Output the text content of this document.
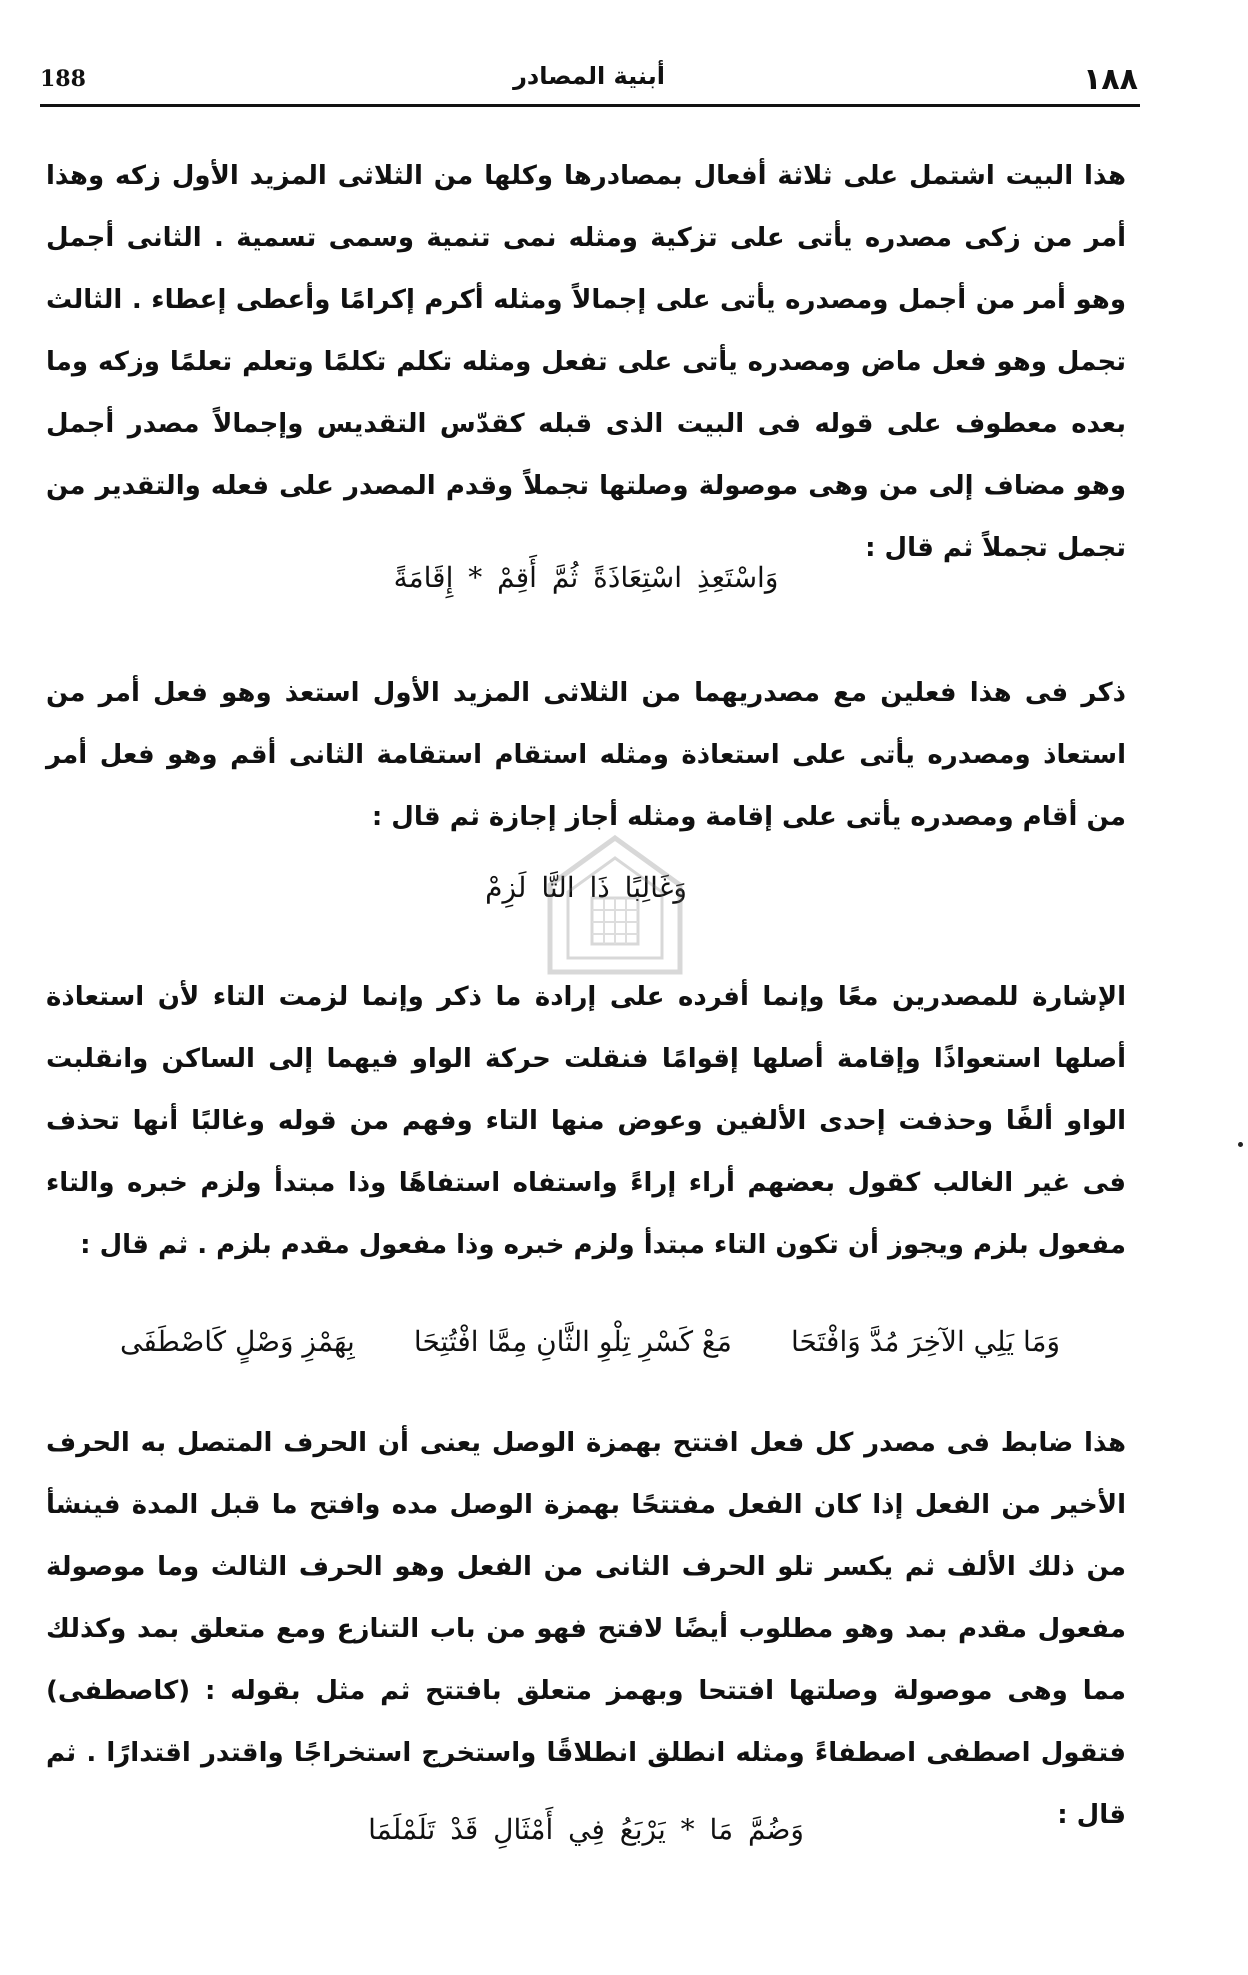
188	أبنية المصادر	١٨٨
هذا البيت اشتمل على ثلاثة أفعال بمصادرها وكلها من الثلاثى المزيد الأول زكه وهذا أمر من زكى مصدره يأتى على تزكية ومثله نمى تنمية وسمى تسمية . الثانى أجمل وهو أمر من أجمل ومصدره يأتى على إجمالاً ومثله أكرم إكرامًا وأعطى إعطاء . الثالث تجمل وهو فعل ماض ومصدره يأتى على تفعل ومثله تكلم تكلمًا وتعلم تعلمًا وزكه وما بعده معطوف على قوله فى البيت الذى قبله كقدّس التقديس وإجمالاً مصدر أجمل وهو مضاف إلى من وهى موصولة وصلتها تجملاً وقدم المصدر على فعله والتقدير من تجمل تجملاً ثم قال :
وَاسْتَعِذِ اسْتِعَاذَةً ثُمَّ أَقِمْ * إِقَامَةً
ذكر فى هذا فعلين مع مصدريهما من الثلاثى المزيد الأول استعذ وهو فعل أمر من استعاذ ومصدره يأتى على استعاذة ومثله استقام استقامة الثانى أقم وهو فعل أمر من أقام ومصدره يأتى على إقامة ومثله أجاز إجازة ثم قال :
وَغَالِبًا ذَا التَّا لَزِمْ
الإشارة للمصدرين معًا وإنما أفرده على إرادة ما ذكر وإنما لزمت التاء لأن استعاذة أصلها استعواذًا وإقامة أصلها إقوامًا فنقلت حركة الواو فيهما إلى الساكن وانقلبت الواو ألفًا وحذفت إحدى الألفين وعوض منها التاء وفهم من قوله وغالبًا أنها تحذف فى غير الغالب كقول بعضهم أراء إراءً واستفاه استفاهًا وذا مبتدأ ولزم خبره والتاء مفعول بلزم ويجوز أن تكون التاء مبتدأ ولزم خبره وذا مفعول مقدم بلزم . ثم قال :
وَمَا يَلِي الآخِرَ مُدَّ وَافْتَحَا
مَعْ كَسْرِ تِلْوِ الثَّانِ مِمَّا افْتُتِحَا
بِهَمْزِ وَصْلٍ كَاصْطَفَى
هذا ضابط فى مصدر كل فعل افتتح بهمزة الوصل يعنى أن الحرف المتصل به الحرف الأخير من الفعل إذا كان الفعل مفتتحًا بهمزة الوصل مده وافتح ما قبل المدة فينشأ من ذلك الألف ثم يكسر تلو الحرف الثانى من الفعل وهو الحرف الثالث وما موصولة مفعول مقدم بمد وهو مطلوب أيضًا لافتح فهو من باب التنازع ومع متعلق بمد وكذلك مما وهى موصولة وصلتها افتتحا وبهمز متعلق بافتتح ثم مثل بقوله : (كاصطفى) فتقول اصطفى اصطفاءً ومثله انطلق انطلاقًا واستخرج استخراجًا واقتدر اقتدارًا . ثم قال :
وَضُمَّ مَا * يَرْبَعُ فِي أَمْثَالِ قَدْ تَلَمْلَمَا
